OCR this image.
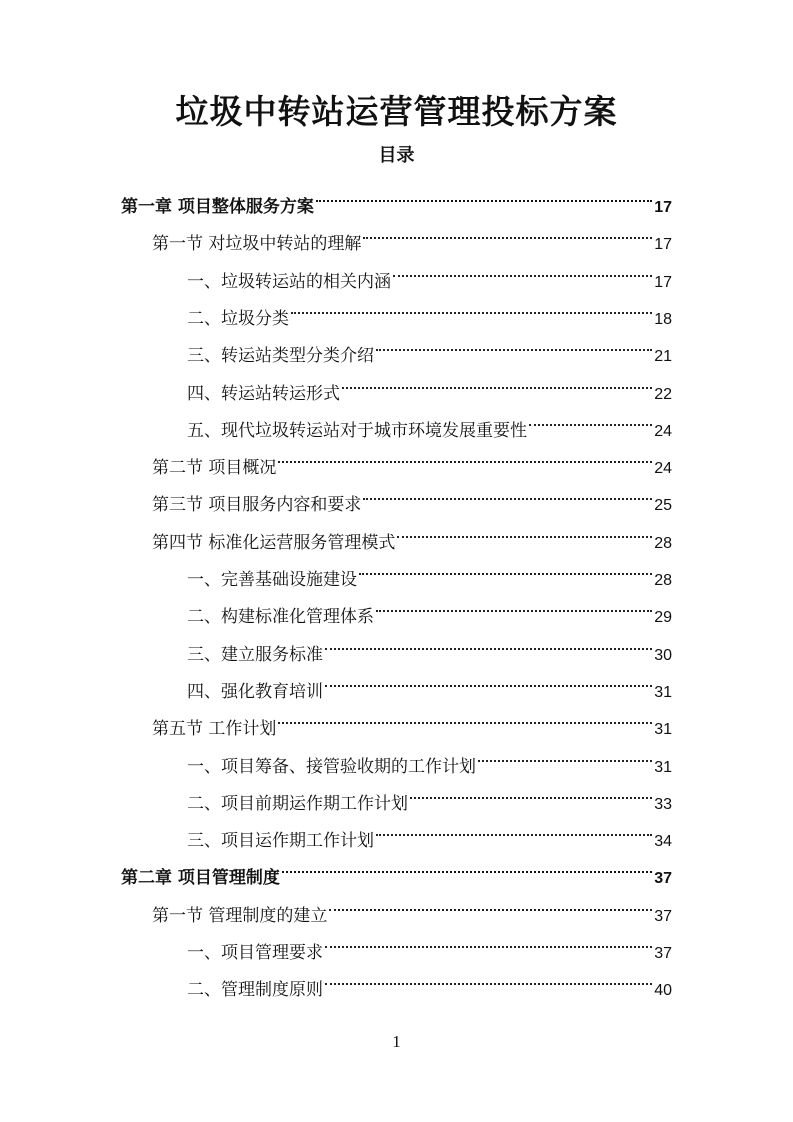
垃圾中转站运营管理投标方案
目录
第一章 项目整体服务方案	17
第一节 对垃圾中转站的理解	17
一、垃圾转运站的相关内涵	17
二、垃圾分类	18
三、转运站类型分类介绍	21
四、转运站转运形式	22
五、现代垃圾转运站对于城市环境发展重要性	24
第二节 项目概况	24
第三节 项目服务内容和要求	25
第四节 标准化运营服务管理模式	28
一、完善基础设施建设	28
二、构建标准化管理体系	29
三、建立服务标准	30
四、强化教育培训	31
第五节 工作计划	31
一、项目筹备、接管验收期的工作计划	31
二、项目前期运作期工作计划	33
三、项目运作期工作计划	34
第二章 项目管理制度	37
第一节 管理制度的建立	37
一、项目管理要求	37
二、管理制度原则	40
1
